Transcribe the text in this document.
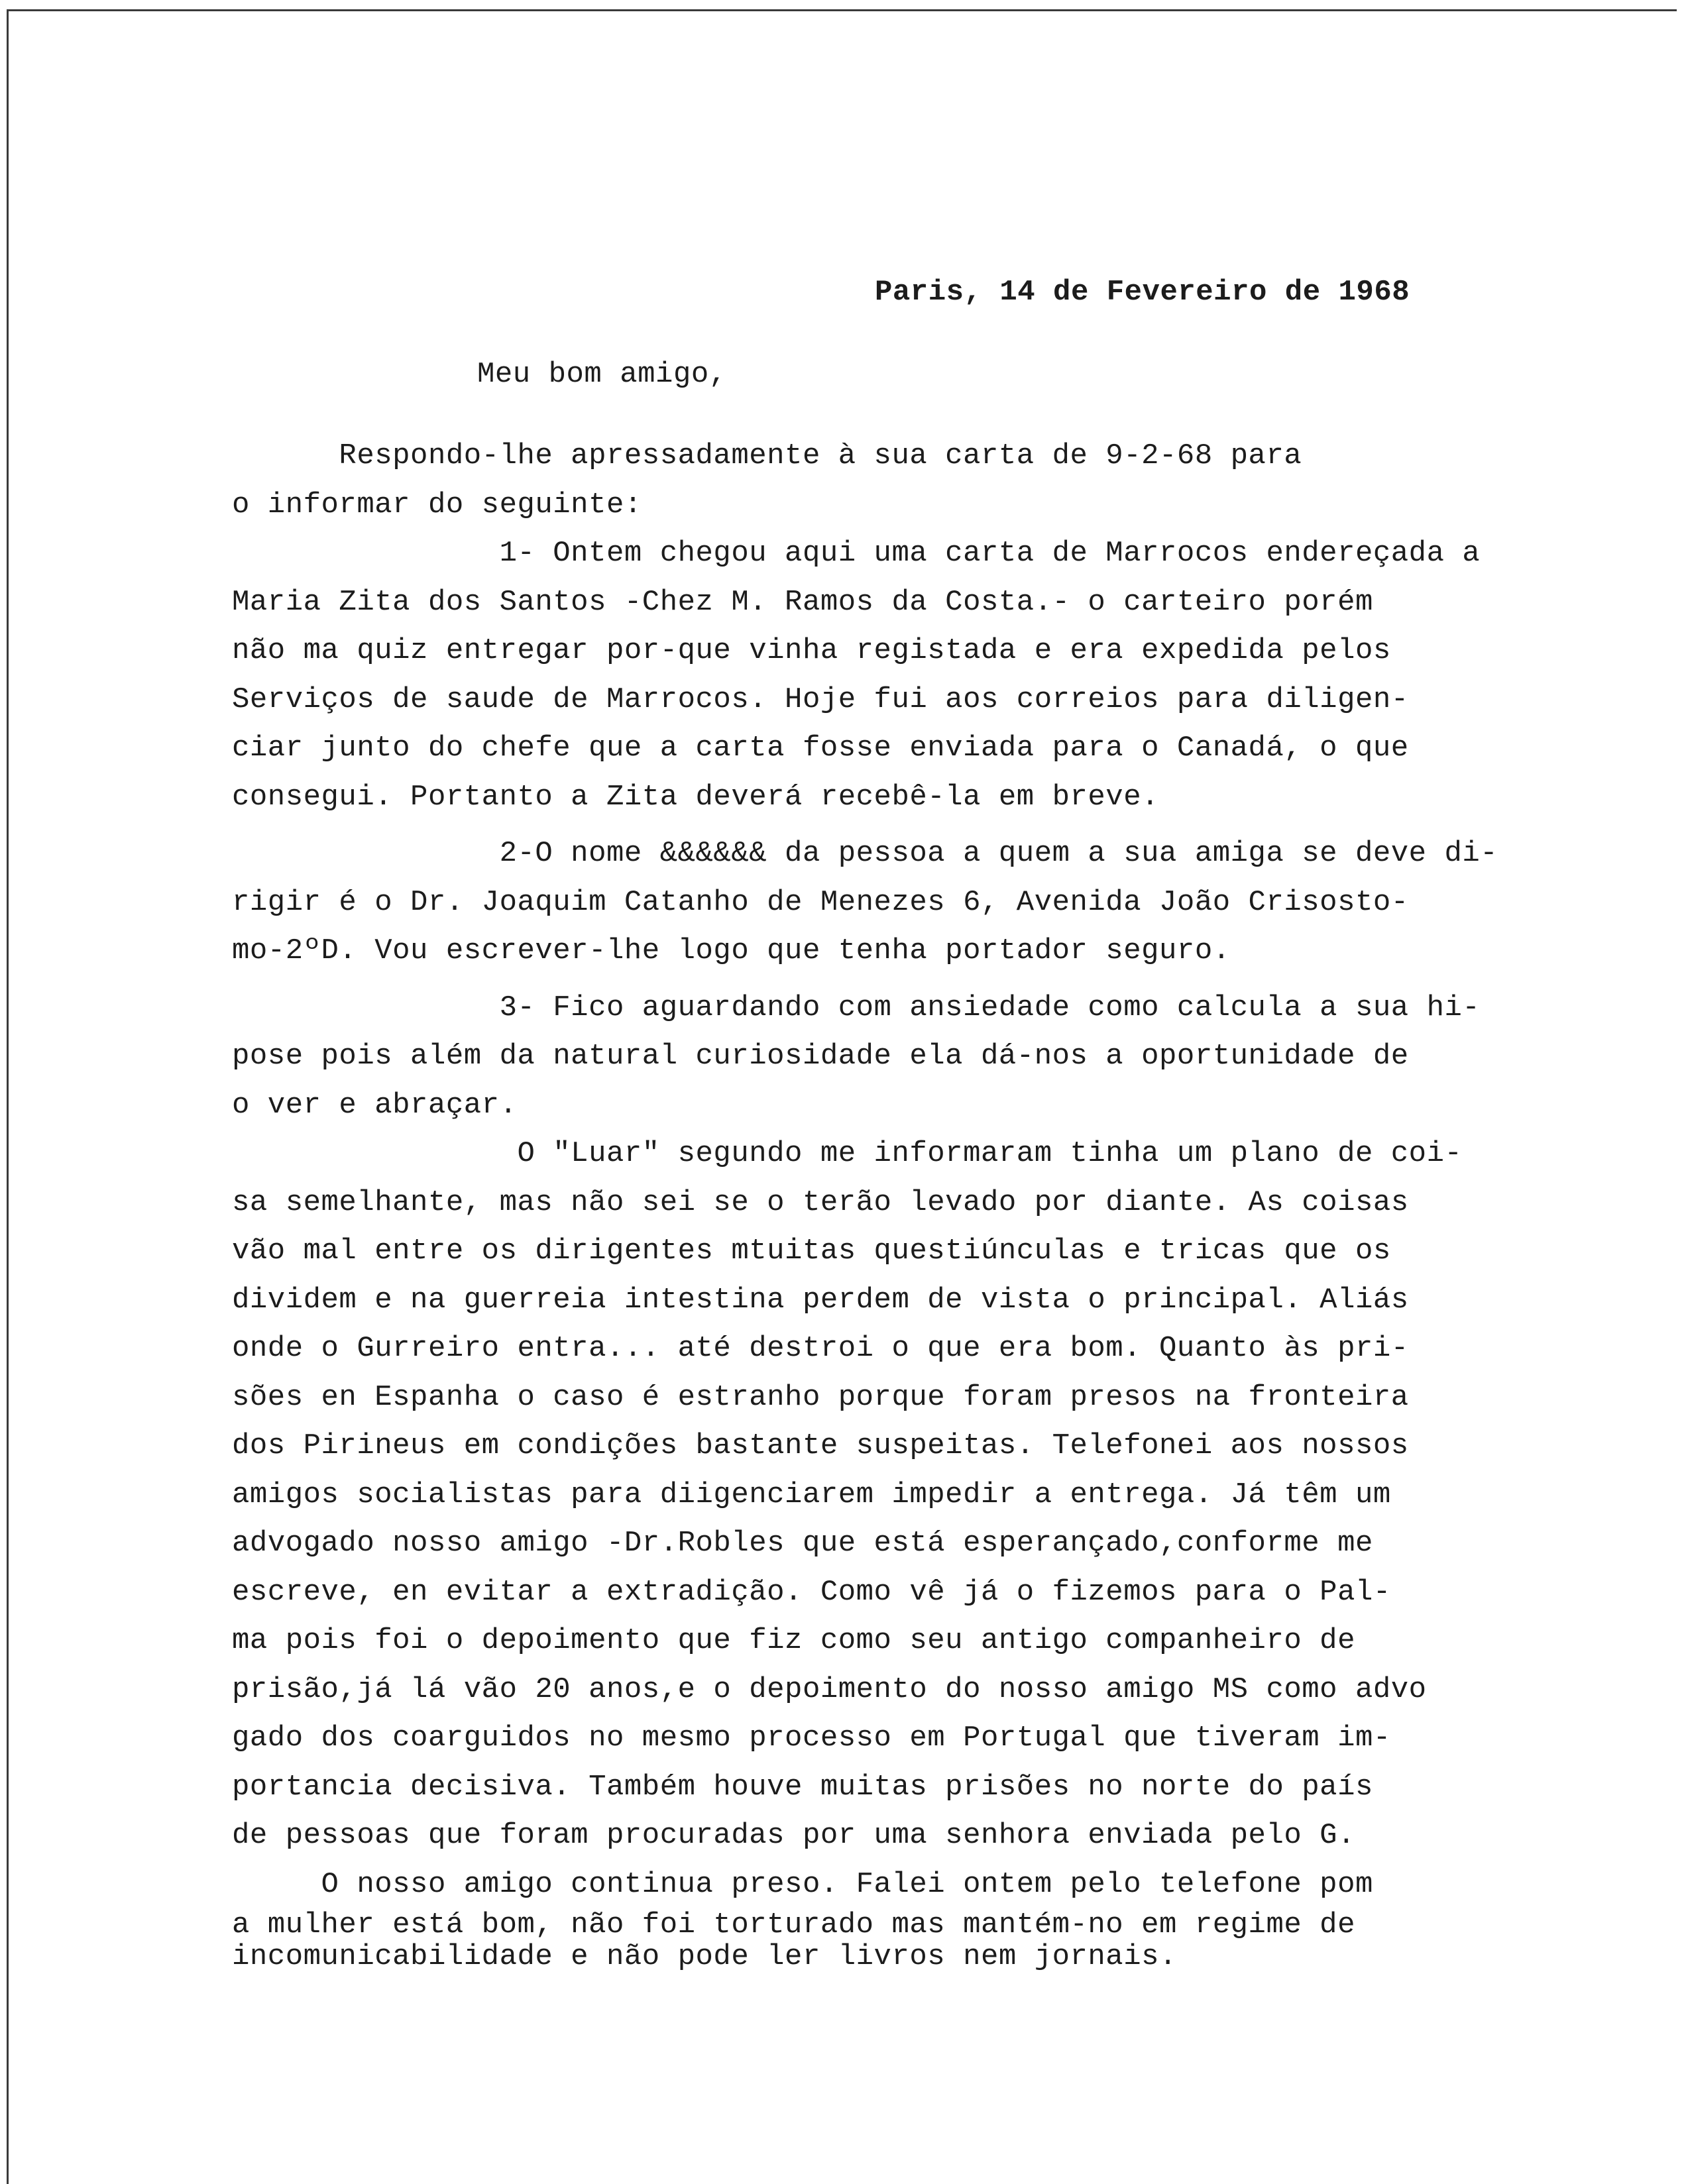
Paris, 14 de Fevereiro de 1968
Meu bom amigo,
Respondo-lhe apressadamente à sua carta de 9-2-68 para
o informar do seguinte:
1- Ontem chegou aqui uma carta de Marrocos endereçada a
Maria Zita dos Santos -Chez M. Ramos da Costa.- o carteiro porém
não ma quiz entregar por-que vinha registada e era expedida pelos
Serviços de saude de Marrocos. Hoje fui aos correios para diligen-
ciar junto do chefe que a carta fosse enviada para o Canadá, o que
consegui. Portanto a Zita deverá recebê-la em breve.
2-O nome &&&&&& da pessoa a quem a sua amiga se deve di-
rigir é o Dr. Joaquim Catanho de Menezes 6, Avenida João Crisosto-
mo-2ºD. Vou escrever-lhe logo que tenha portador seguro.
3- Fico aguardando com ansiedade como calcula a sua hi-
pose pois além da natural curiosidade ela dá-nos a oportunidade de
o ver e abraçar.
O "Luar" segundo me informaram tinha um plano de coi-
sa semelhante, mas não sei se o terão levado por diante. As coisas
vão mal entre os dirigentes mtuitas questiúnculas e tricas que os
dividem e na guerreia intestina perdem de vista o principal. Aliás
onde o Gurreiro entra... até destroi o que era bom. Quanto às pri-
sões en Espanha o caso é estranho porque foram presos na fronteira
dos Pirineus em condições bastante suspeitas. Telefonei aos nossos
amigos socialistas para diigenciarem impedir a entrega. Já têm um
advogado nosso amigo -Dr.Robles que está esperançado,conforme me
escreve, en evitar a extradição. Como vê já o fizemos para o Pal-
ma pois foi o depoimento que fiz como seu antigo companheiro de
prisão,já lá vão 20 anos,e o depoimento do nosso amigo MS como advo
gado dos coarguidos no mesmo processo em Portugal que tiveram im-
portancia decisiva. Também houve muitas prisões no norte do país
de pessoas que foram procuradas por uma senhora enviada pelo G.
O nosso amigo continua preso. Falei ontem pelo telefone pom
a mulher está bom, não foi torturado mas mantém-no em regime de
incomunicabilidade e não pode ler livros nem jornais.
